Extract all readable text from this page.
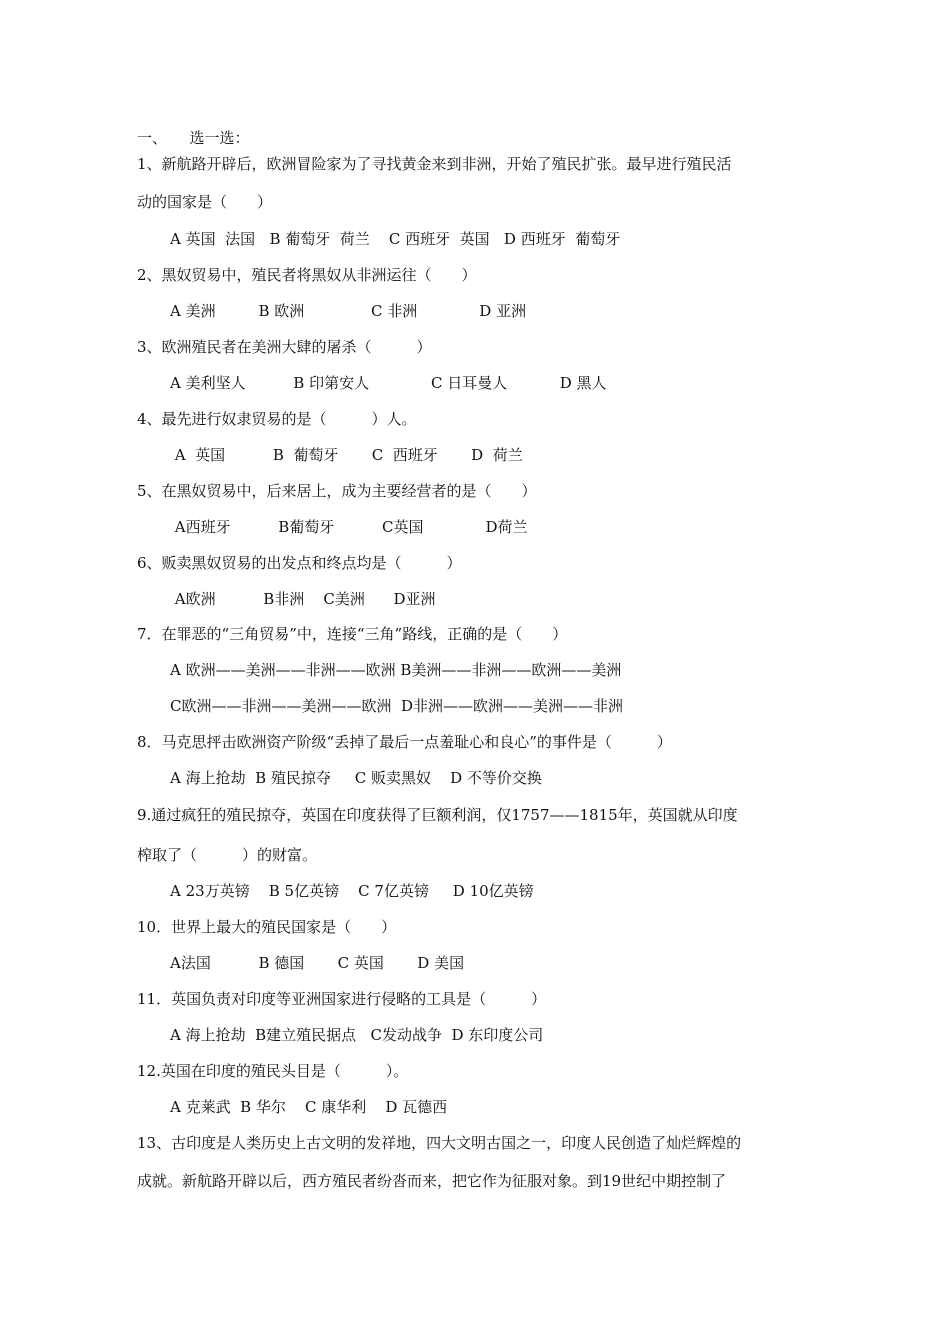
一、　　选一选：
1、新航路开辟后，欧洲冒险家为了寻找黄金来到非洲，开始了殖民扩张。最早进行殖民活
动的国家是（　　）
A 英国  法国   B 葡萄牙  荷兰    C 西班牙  英国   D 西班牙  葡萄牙
2、黑奴贸易中，殖民者将黑奴从非洲运往（　　）
A 美洲         B 欧洲              C 非洲             D 亚洲
3、欧洲殖民者在美洲大肆的屠杀（　　　）
A 美利坚人          B 印第安人             C 日耳曼人           D 黑人
4、最先进行奴隶贸易的是（　　　）人。
A  英国          B  葡萄牙       C  西班牙       D  荷兰
5、在黑奴贸易中，后来居上，成为主要经营者的是（　　）
A西班牙          B葡萄牙          C英国             D荷兰
6、贩卖黑奴贸易的出发点和终点均是（　　　）
A欧洲          B非洲    C美洲      D亚洲
7．在罪恶的“三角贸易”中，连接“三角”路线，正确的是（　　）
A 欧洲——美洲——非洲——欧洲 B美洲——非洲——欧洲——美洲
C欧洲——非洲——美洲——欧洲  D非洲——欧洲——美洲——非洲
8．马克思抨击欧洲资产阶级“丢掉了最后一点羞耻心和良心”的事件是（　　　）
A 海上抢劫  B 殖民掠夺     C 贩卖黑奴    D 不等价交换
9.通过疯狂的殖民掠夺，英国在印度获得了巨额利润，仅1757——1815年，英国就从印度
榨取了（　　　）的财富。
A 23万英镑    B 5亿英镑    C 7亿英镑     D 10亿英镑
10．世界上最大的殖民国家是（　　）
A法国          B 德国       C 英国       D 美国
11．英国负责对印度等亚洲国家进行侵略的工具是（　　　）
A 海上抢劫  B建立殖民据点   C发动战争  D 东印度公司
12.英国在印度的殖民头目是（　　　）。
A 克莱武  B 华尔    C 康华利    D 瓦德西
13、古印度是人类历史上古文明的发祥地，四大文明古国之一，印度人民创造了灿烂辉煌的
成就。新航路开辟以后，西方殖民者纷沓而来，把它作为征服对象。到19世纪中期控制了
